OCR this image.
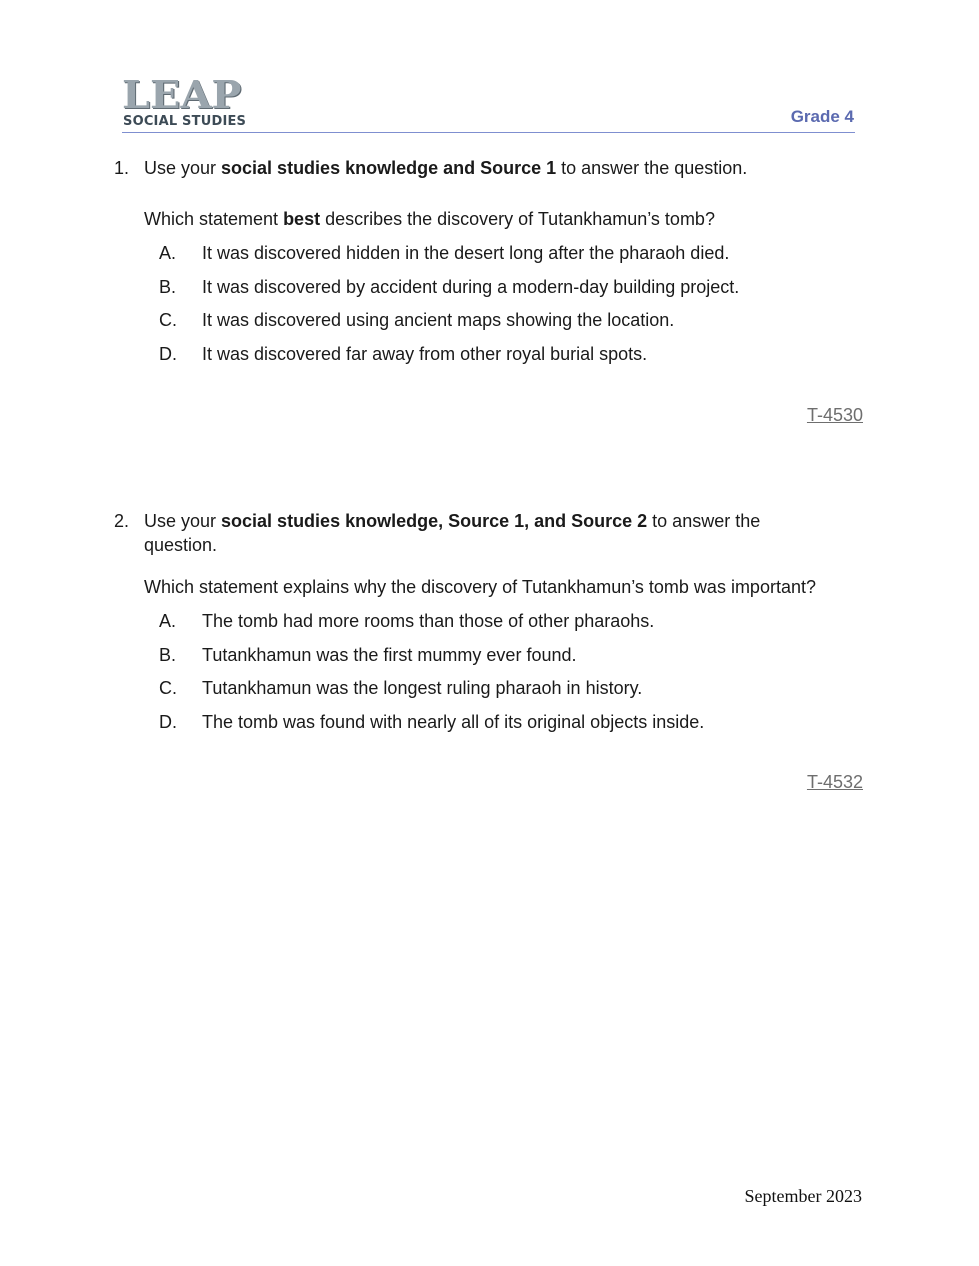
LEAP
SOCIAL STUDIES	Grade 4
1. Use your social studies knowledge and Source 1 to answer the question.
Which statement best describes the discovery of Tutankhamun’s tomb?
A. It was discovered hidden in the desert long after the pharaoh died.
B. It was discovered by accident during a modern-day building project.
C. It was discovered using ancient maps showing the location.
D. It was discovered far away from other royal burial spots.
T-4530
2. Use your social studies knowledge, Source 1, and Source 2 to answer the question.
Which statement explains why the discovery of Tutankhamun’s tomb was important?
A. The tomb had more rooms than those of other pharaohs.
B. Tutankhamun was the first mummy ever found.
C. Tutankhamun was the longest ruling pharaoh in history.
D. The tomb was found with nearly all of its original objects inside.
T-4532
September 2023
